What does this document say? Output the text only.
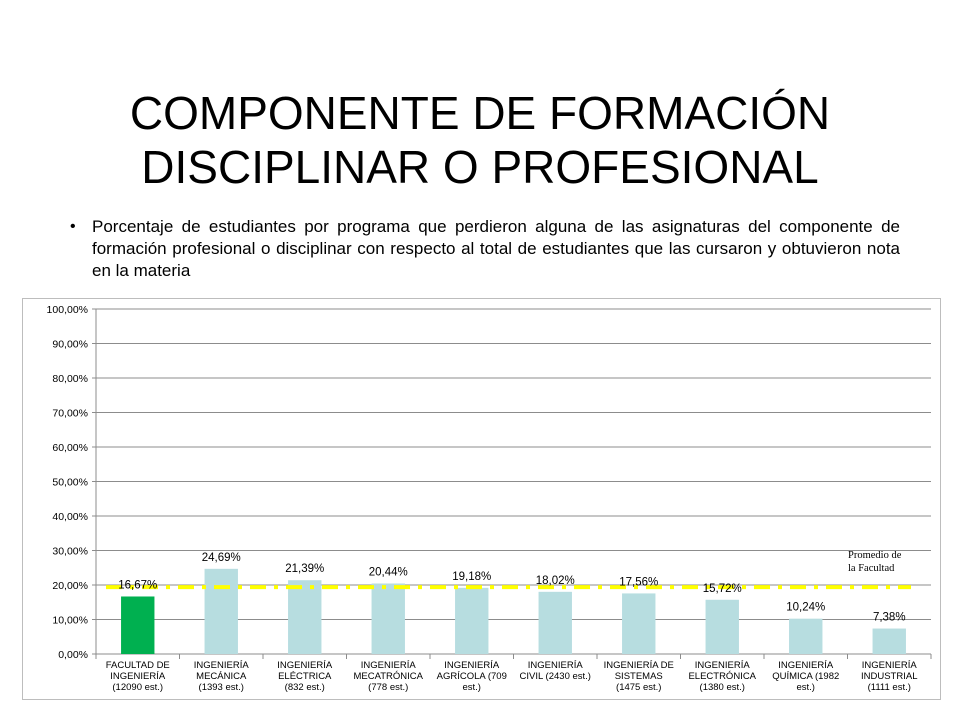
COMPONENTE DE FORMACIÓN
DISCIPLINAR O PROFESIONAL
• Porcentaje de estudiantes por programa que perdieron alguna de las asignaturas del componente de formación profesional o disciplinar con respecto al total de estudiantes que las cursaron y obtuvieron nota en la materia
0,00%
10,00%
20,00%
30,00%
40,00%
50,00%
60,00%
70,00%
80,00%
90,00%
100,00%
Promedio de
la Facultad
16,67%
24,69%
21,39%	20,44%	19,18%	18,02%	17,56%
15,72%
10,24%
7,38%
FACULTAD DE
INGENIERÍA
(12090 est.)
INGENIERÍA
MECÁNICA
(1393 est.)
INGENIERÍA
ELÉCTRICA
(832 est.)
INGENIERÍA
MECATRÓNICA
(778 est.)
INGENIERÍA
AGRÍCOLA (709
est.)
INGENIERÍA
CIVIL (2430 est.)
INGENIERÍA DE
SISTEMAS
(1475 est.)
INGENIERÍA
ELECTRÓNICA
(1380 est.)
INGENIERÍA
QUÍMICA (1982
est.)
INGENIERÍA
INDUSTRIAL
(1111 est.)
